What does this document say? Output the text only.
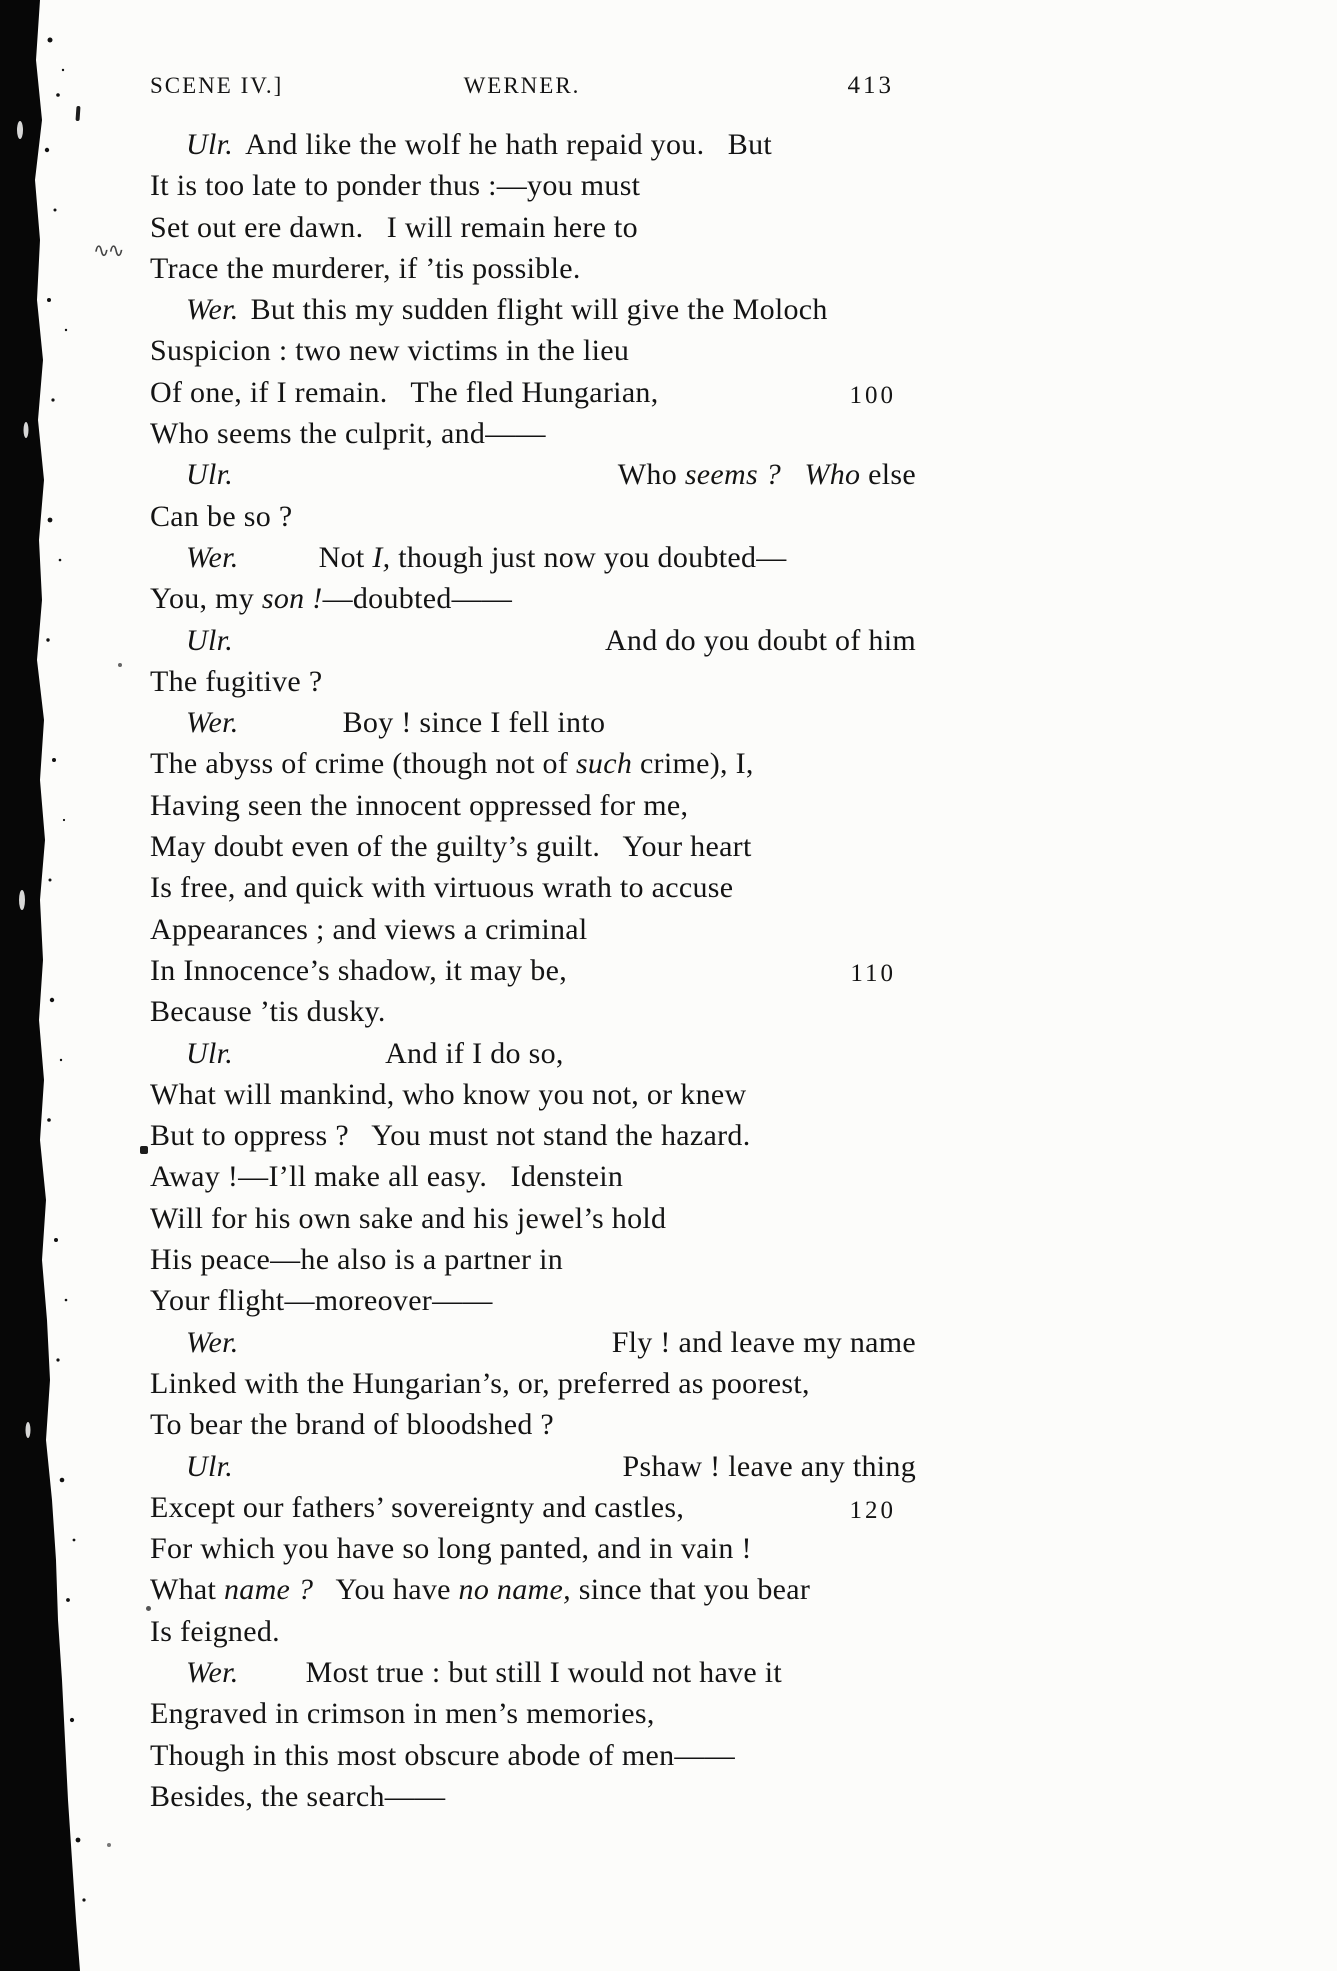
∿∿
SCENE IV.]	WERNER.	413
Ulr. And like the wolf he hath repaid you.   But
It is too late to ponder thus :—you must
Set out ere dawn.   I will remain here to
Trace the murderer, if ’tis possible.
Wer. But this my sudden flight will give the Moloch
Suspicion : two new victims in the lieu
Of one, if I remain.   The fled Hungarian,	100
Who seems the culprit, and——
Ulr.	Who seems ? Who else
Can be so ?
Wer.	Not I, though just now you doubted—
You, my son !—doubted——
Ulr.	And do you doubt of him
The fugitive ?
Wer.	Boy ! since I fell into
The abyss of crime (though not of such crime), I,
Having seen the innocent oppressed for me,
May doubt even of the guilty’s guilt.   Your heart
Is free, and quick with virtuous wrath to accuse
Appearances ; and views a criminal
In Innocence’s shadow, it may be,	110
Because ’tis dusky.
Ulr.	And if I do so,
What will mankind, who know you not, or knew
But to oppress ?   You must not stand the hazard.
Away !—I’ll make all easy.   Idenstein
Will for his own sake and his jewel’s hold
His peace—he also is a partner in
Your flight—moreover——
Wer.	Fly ! and leave my name
Linked with the Hungarian’s, or, preferred as poorest,
To bear the brand of bloodshed ?
Ulr.	Pshaw ! leave any thing
Except our fathers’ sovereignty and castles,	120
For which you have so long panted, and in vain !
What name ?   You have no name, since that you bear
Is feigned.
Wer. Most true : but still I would not have it
Engraved in crimson in men’s memories,
Though in this most obscure abode of men——
Besides, the search——
